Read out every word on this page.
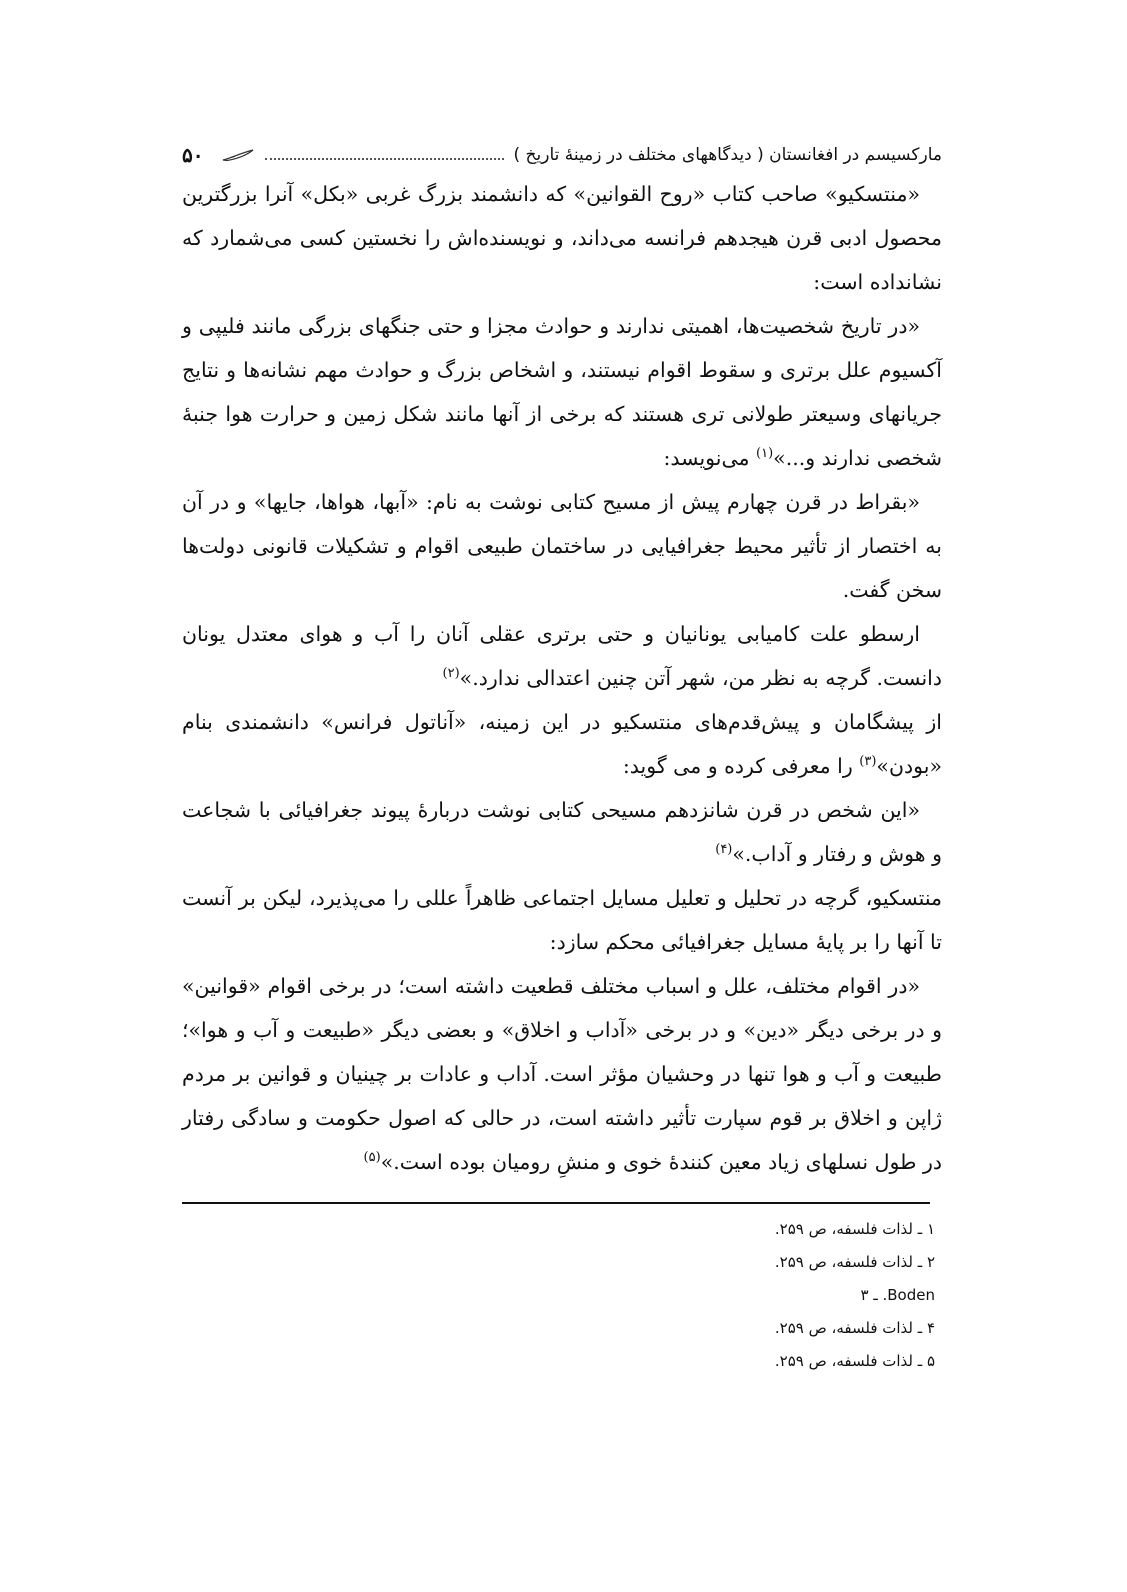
مارکسیسم در افغانستان ( دیدگاههای مختلف در زمینهٔ تاریخ )
۵۰

«منتسکیو» صاحب کتاب «روح القوانین» که دانشمند بزرگ غربی «بکل» آنرا بزرگترین محصول ادبی قرن هیجدهم فرانسه می‌داند، و نویسنده‌اش را نخستین کسی می‌شمارد که نشانداده است:

«در تاریخ شخصیت‌ها، اهمیتی ندارند و حوادث مجزا و حتی جنگهای بزرگی مانند فلیپی و آکسیوم علل برتری و سقوط اقوام نیستند، و اشخاص بزرگ و حوادث مهم نشانه‌ها و نتایج جریانهای وسیعتر طولانی تری هستند که برخی از آنها مانند شکل زمین و حرارت هوا جنبهٔ شخصی ندارند و...»$^{(۱)}$ می‌نویسد:

«بقراط در قرن چهارم پیش از مسیح کتابی نوشت به نام: «آبها، هواها، جایها» و در آن به اختصار از تأثیر محیط جغرافیایی در ساختمان طبیعی اقوام و تشکیلات قانونی دولت‌ها سخن گفت.

ارسطو علت کامیابی یونانیان و حتی برتری عقلی آنان را آب و هوای معتدل یونان دانست. گرچه به نظر من، شهر آتن چنین اعتدالی ندارد.»$^{(۲)}$

از پیشگامان و پیش‌قدم‌های منتسکیو در این زمینه، «آناتول فرانس» دانشمندی بنام «بودن»$^{(۳)}$ را معرفی کرده و می گوید:

«این شخص در قرن شانزدهم مسیحی کتابی نوشت دربارهٔ پیوند جغرافیائی با شجاعت و هوش و رفتار و آداب.»$^{(۴)}$

منتسکیو، گرچه در تحلیل و تعلیل مسایل اجتماعی ظاهراً عللی را می‌پذیرد، لیکن بر آنست تا آنها را بر پایهٔ مسایل جغرافیائی محکم سازد:

«در اقوام مختلف، علل و اسباب مختلف قطعیت داشته است؛ در برخی اقوام «قوانین» و در برخی دیگر «دین» و در برخی «آداب و اخلاق» و بعضی دیگر «طبیعت و آب و هوا»؛ طبیعت و آب و هوا تنها در وحشیان مؤثر است. آداب و عادات بر چینیان و قوانین بر مردم ژاپن و اخلاق بر قوم سپارت تأثیر داشته است، در حالی که اصول حکومت و سادگی رفتار در طول نسلهای زیاد معین کنندهٔ خوی و منشِ رومیان بوده است.»$^{(۵)}$

۱ ـ لذات فلسفه، ص ۲۵۹.
۲ ـ لذات فلسفه، ص ۲۵۹.
Boden. ـ ۳
۴ ـ لذات فلسفه، ص ۲۵۹.
۵ ـ لذات فلسفه، ص ۲۵۹.
